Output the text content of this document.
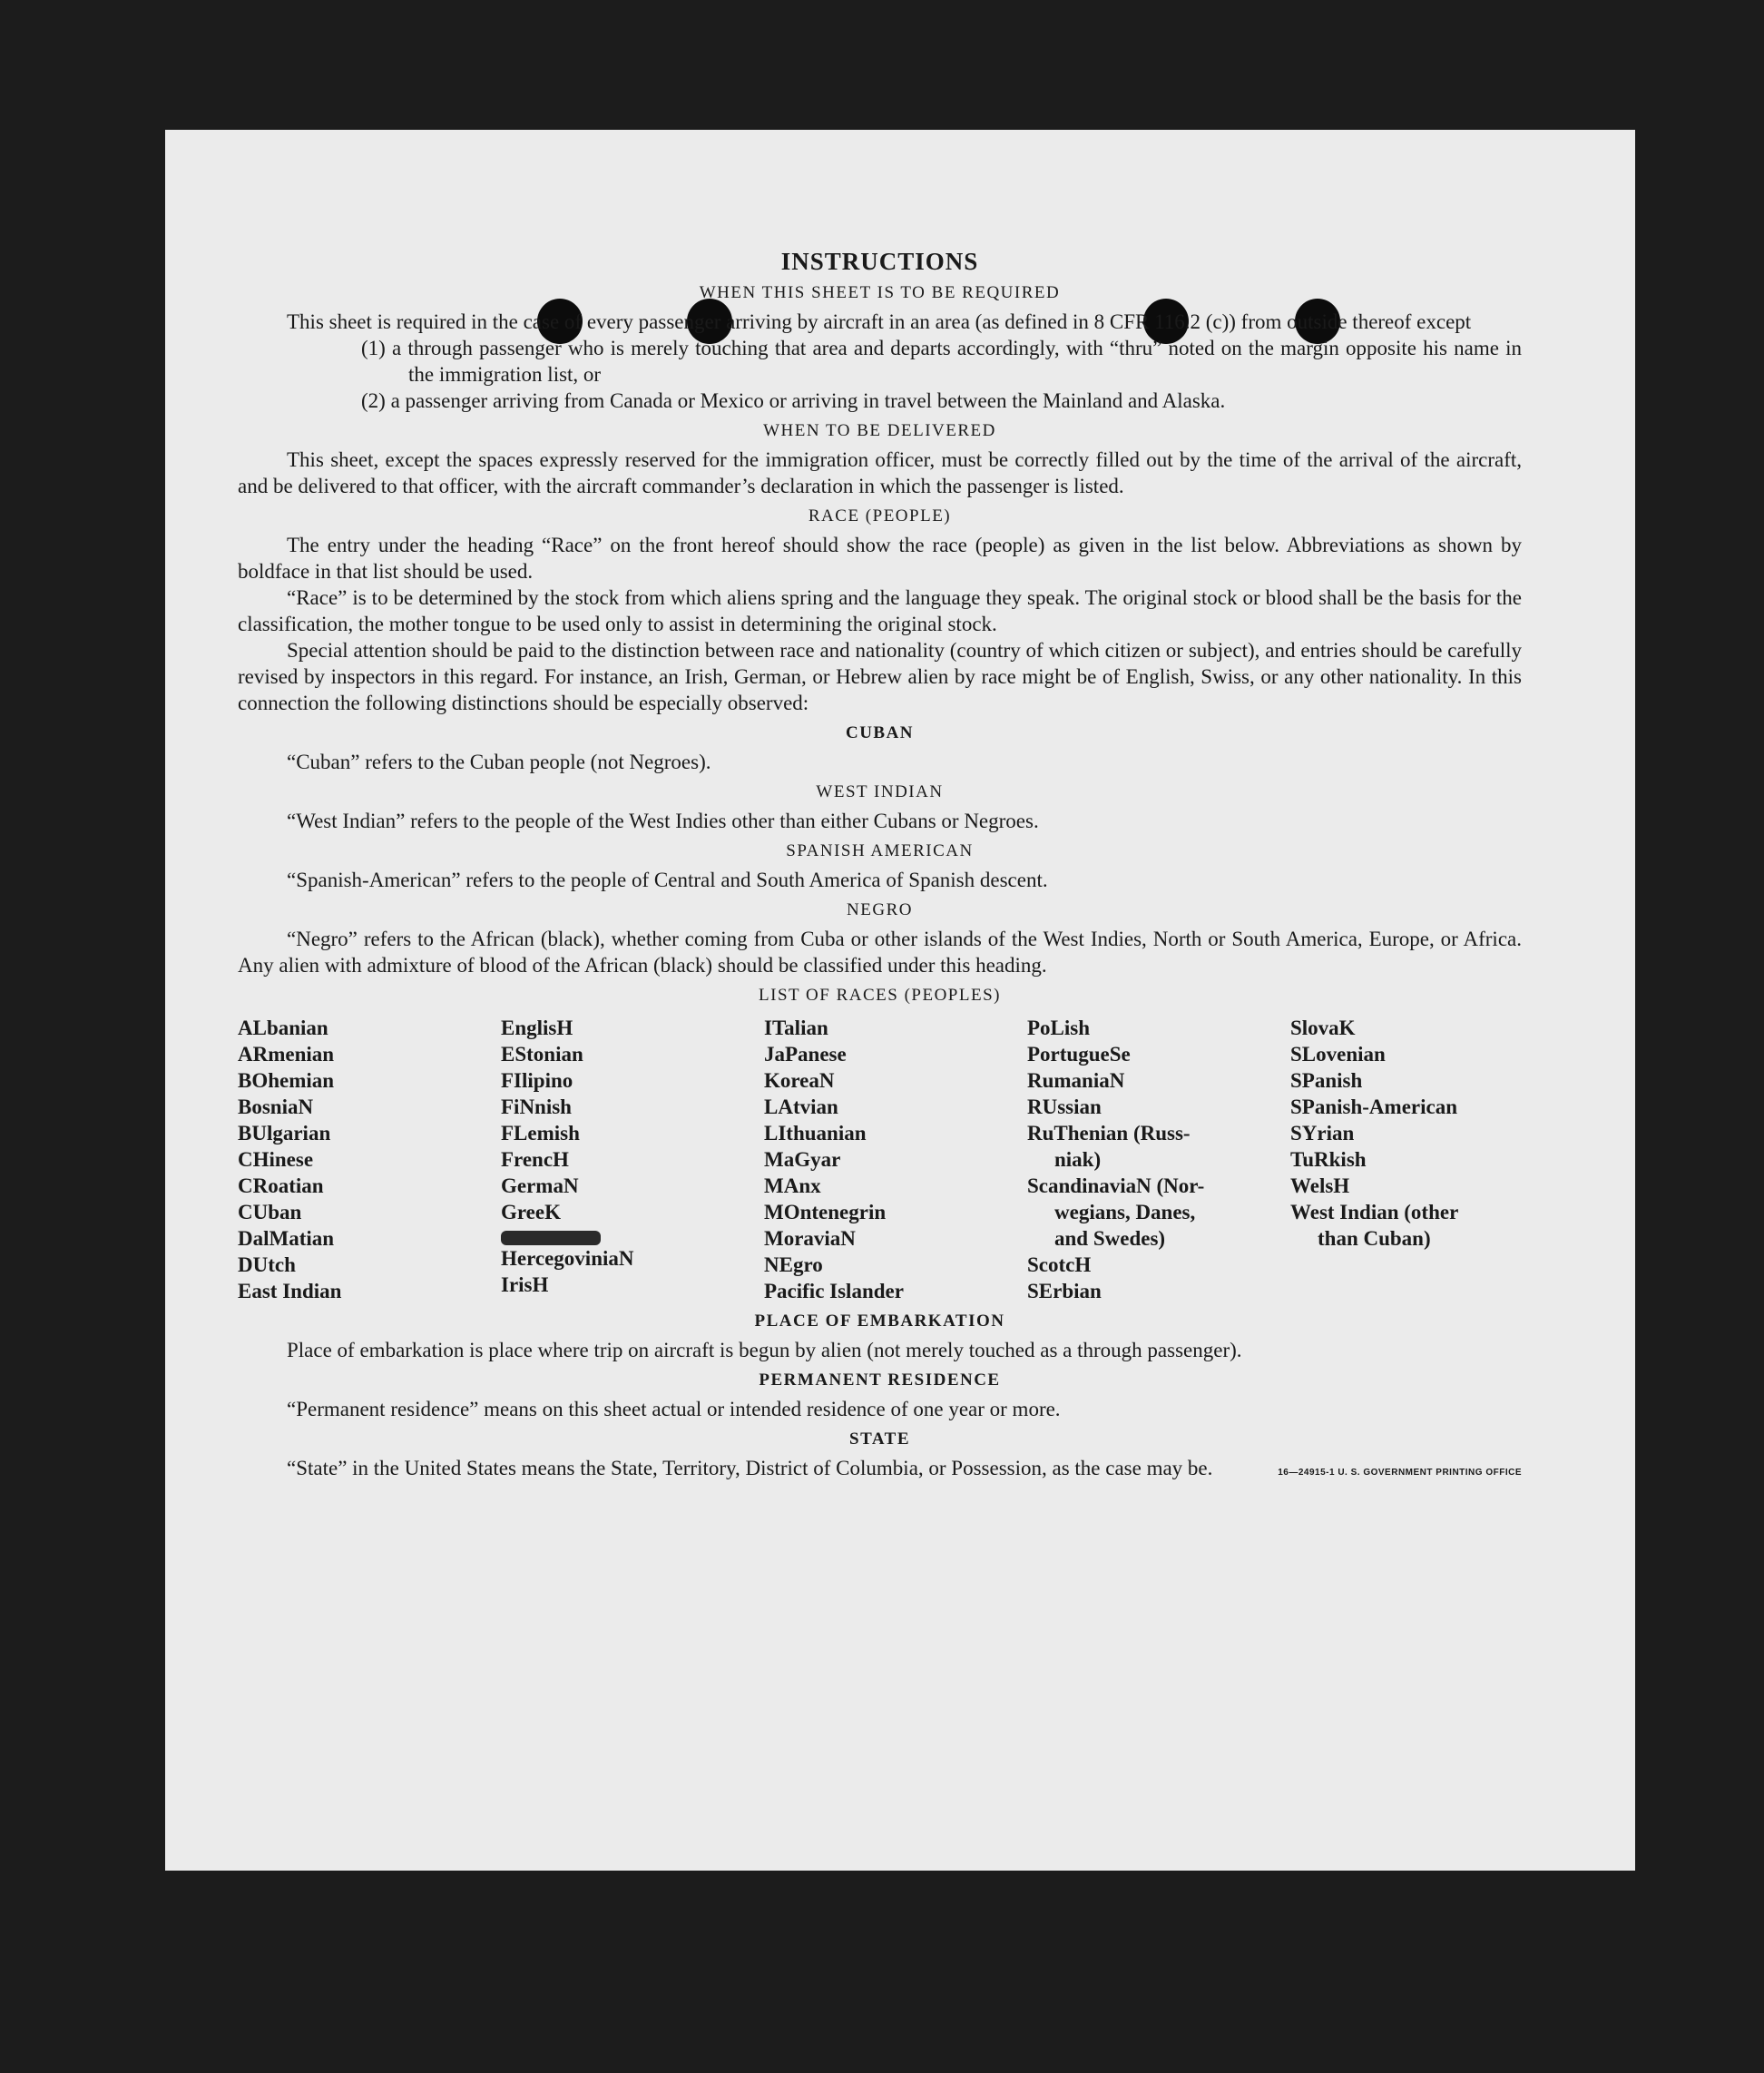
INSTRUCTIONS
WHEN THIS SHEET IS TO BE REQUIRED

This sheet is required in the case of every passenger arriving by aircraft in an area (as defined in 8 CFR 116.2 (c)) from outside thereof except

(1) a through passenger who is merely touching that area and departs accordingly, with “thru” noted on the margin opposite his name in the immigration list, or
(2) a passenger arriving from Canada or Mexico or arriving in travel between the Mainland and Alaska.
WHEN TO BE DELIVERED

This sheet, except the spaces expressly reserved for the immigration officer, must be correctly filled out by the time of the arrival of the aircraft, and be delivered to that officer, with the aircraft commander’s declaration in which the passenger is listed.

RACE (PEOPLE)

The entry under the heading “Race” on the front hereof should show the race (people) as given in the list below. Abbreviations as shown by boldface in that list should be used.

“Race” is to be determined by the stock from which aliens spring and the language they speak. The original stock or blood shall be the basis for the classification, the mother tongue to be used only to assist in determining the original stock.

Special attention should be paid to the distinction between race and nationality (country of which citizen or subject), and entries should be carefully revised by inspectors in this regard. For instance, an Irish, German, or Hebrew alien by race might be of English, Swiss, or any other nationality. In this connection the following distinctions should be especially observed:

CUBAN

“Cuban” refers to the Cuban people (not Negroes).

WEST INDIAN

“West Indian” refers to the people of the West Indies other than either Cubans or Negroes.

SPANISH AMERICAN

“Spanish-American” refers to the people of Central and South America of Spanish descent.

NEGRO

“Negro” refers to the African (black), whether coming from Cuba or other islands of the West Indies, North or South America, Europe, or Africa. Any alien with admixture of blood of the African (black) should be classified under this heading.

LIST OF RACES (PEOPLES)
ALbanian
ARmenian
BOhemian
BosniaN
BUlgarian
CHinese
CRoatian
CUban
DalMatian
DUtch
East Indian
EnglisH
EStonian
FIlipino
FiNnish
FLemish
FrencH
GermaN
GreeK
HercegoviniaN
IrisH
ITalian
JaPanese
KoreaN
LAtvian
LIthuanian
MaGyar
MAnx
MOntenegrin
MoraviaN
NEgro
Pacific Islander
PoLish
PortugueSe
RumaniaN
RUssian
RuThenian (Russ-
niak)
ScandinaviaN (Nor-
wegians, Danes,
and Swedes)
ScotcH
SErbian
SlovaK
SLovenian
SPanish
SPanish-American
SYrian
TuRkish
WelsH
West Indian (other
than Cuban)
PLACE OF EMBARKATION

Place of embarkation is place where trip on aircraft is begun by alien (not merely touched as a through passenger).

PERMANENT RESIDENCE

“Permanent residence” means on this sheet actual or intended residence of one year or more.

STATE

“State” in the United States means the State, Territory, District of Columbia, or Possession, as the case may be.	16—24915-1 U. S. GOVERNMENT PRINTING OFFICE
